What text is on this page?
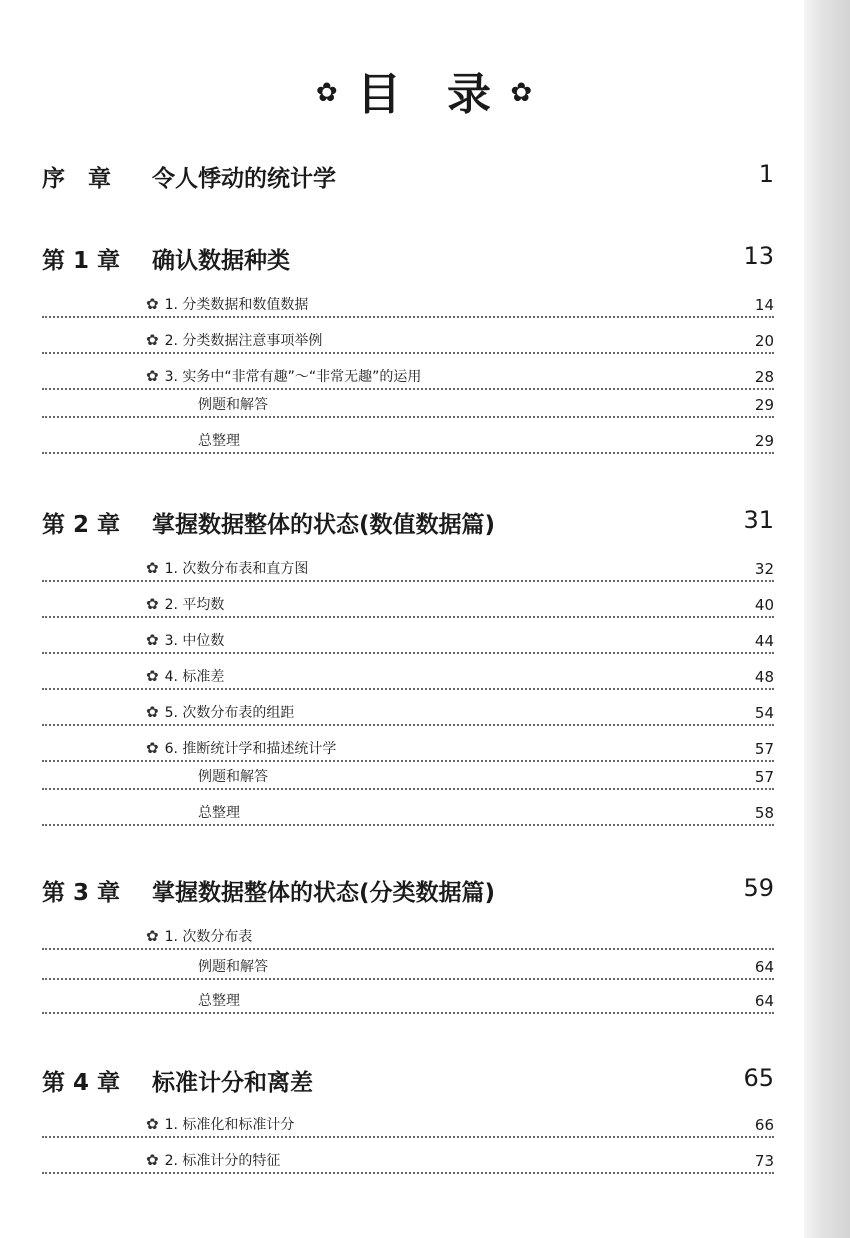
✿ 目 录 ✿
序　章 令人悸动的统计学	1
第 1 章 确认数据种类	13
✿ 1. 分类数据和数值数据	14
✿ 2. 分类数据注意事项举例	20
✿ 3. 实务中“非常有趣”～“非常无趣”的运用	28
例题和解答	29
总整理	29
第 2 章 掌握数据整体的状态(数值数据篇)	31
✿ 1. 次数分布表和直方图	32
✿ 2. 平均数	40
✿ 3. 中位数	44
✿ 4. 标准差	48
✿ 5. 次数分布表的组距	54
✿ 6. 推断统计学和描述统计学	57
例题和解答	57
总整理	58
第 3 章 掌握数据整体的状态(分类数据篇)	59
✿ 1. 次数分布表
例题和解答	64
总整理	64
第 4 章 标准计分和离差	65
✿ 1. 标准化和标准计分	66
✿ 2. 标准计分的特征	73
